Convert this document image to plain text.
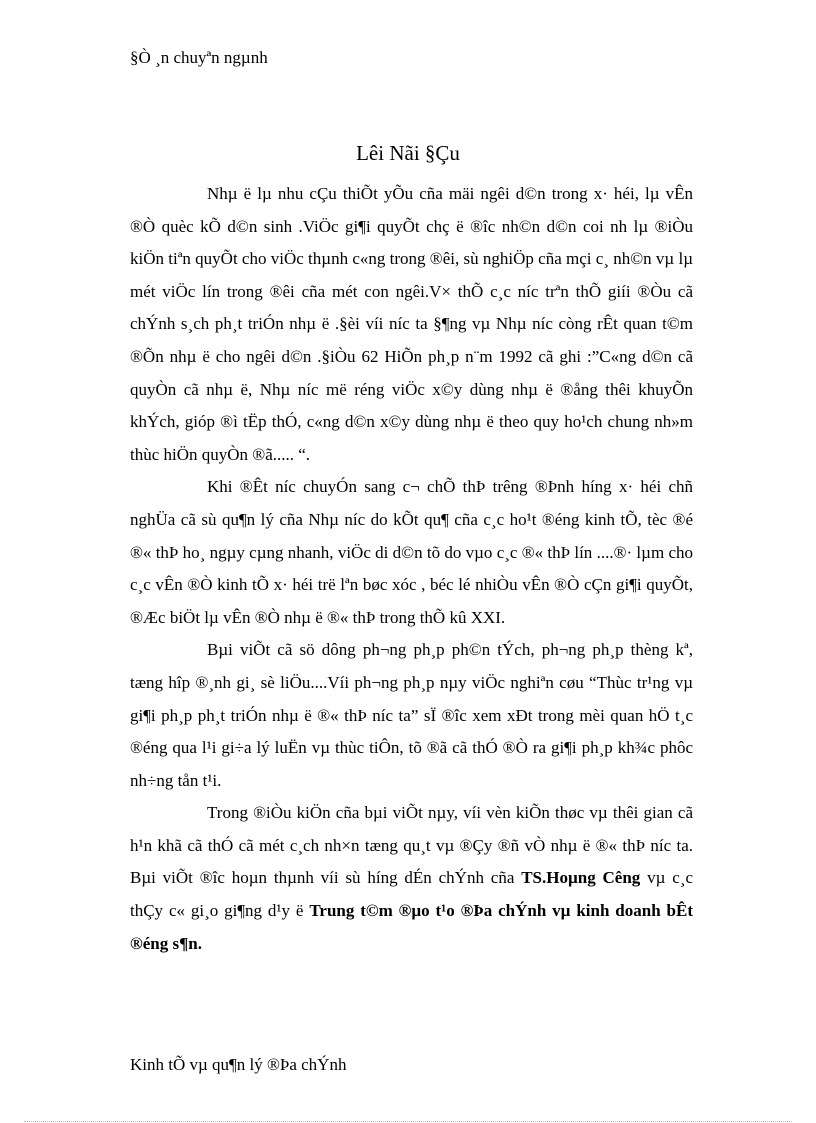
§Ò ¸n chuyªn ngµnh
Lêi Nãi §Çu

Nhµ ë lµ nhu cÇu thiÕt yÕu cña mäi ngêi d©n trong x· héi, lµ vÊn ®Ò quèc kÕ d©n sinh .ViÖc gi¶i quyÕt chç ë ®îc nh©n d©n coi nh lµ ®iÒu kiÖn tiªn quyÕt cho viÖc thµnh c«ng trong ®êi, sù nghiÖp cña mçi c¸ nh©n vµ lµ mét viÖc lín trong ®êi cña mét con ngêi.V× thÕ c¸c níc trªn thÕ giíi ®Òu cã chÝnh s¸ch ph¸t triÓn nhµ ë .§èi víi níc ta §¶ng vµ Nhµ níc còng rÊt quan t©m ®Õn nhµ ë cho ngêi d©n .§iÒu 62 HiÕn ph¸p n¨m 1992 cã ghi :”C«ng d©n cã quyÒn cã nhµ ë, Nhµ níc më réng viÖc x©y dùng nhµ ë ®ång thêi khuyÕn khÝch, gióp ®ì tËp thÓ, c«ng d©n x©y dùng nhµ ë theo quy ho¹ch chung nh»m thùc hiÖn quyÒn ®ã..... “.

Khi ®Êt níc chuyÓn sang c¬ chÕ thÞ trêng ®Þnh híng x· héi chñ nghÜa cã sù qu¶n lý cña Nhµ níc do kÕt qu¶ cña c¸c ho¹t ®éng kinh tÕ, tèc ®é ®« thÞ ho¸ ngµy cµng nhanh, viÖc di d©n tõ do vµo c¸c ®« thÞ lín ....®· lµm cho c¸c vÊn ®Ò kinh tÕ x· héi trë lªn bøc xóc , béc lé nhiÒu vÊn ®Ò cÇn gi¶i quyÕt, ®Æc biÖt lµ vÊn ®Ò nhµ ë ®« thÞ trong thÕ kû XXI.

Bµi viÕt cã sö dông ph¬ng ph¸p ph©n tÝch, ph¬ng ph¸p thèng kª, tæng hîp ®¸nh gi¸ sè liÖu....Víi ph¬ng ph¸p nµy viÖc nghiªn cøu “Thùc tr¹ng vµ gi¶i ph¸p ph¸t triÓn nhµ ë ®« thÞ níc ta” sÏ ®îc xem xÐt trong mèi quan hÖ t¸c ®éng qua l¹i gi÷a lý luËn vµ thùc tiÔn, tõ ®ã cã thÓ ®Ò ra gi¶i ph¸p kh¾c phôc nh÷ng tån t¹i.

Trong ®iÒu kiÖn cña bµi viÕt nµy, víi vèn kiÕn thøc vµ thêi gian cã h¹n khã cã thÓ cã mét c¸ch nh×n tæng qu¸t vµ ®Çy ®ñ vÒ nhµ ë ®« thÞ níc ta. Bµi viÕt ®îc hoµn thµnh víi sù híng dÉn chÝnh cña TS.Hoµng Cêng vµ c¸c thÇy c« gi¸o gi¶ng d¹y ë Trung t©m ®µo t¹o ®Þa chÝnh vµ kinh doanh bÊt ®éng s¶n.

Kinh tÕ vµ qu¶n lý ®Þa chÝnh
